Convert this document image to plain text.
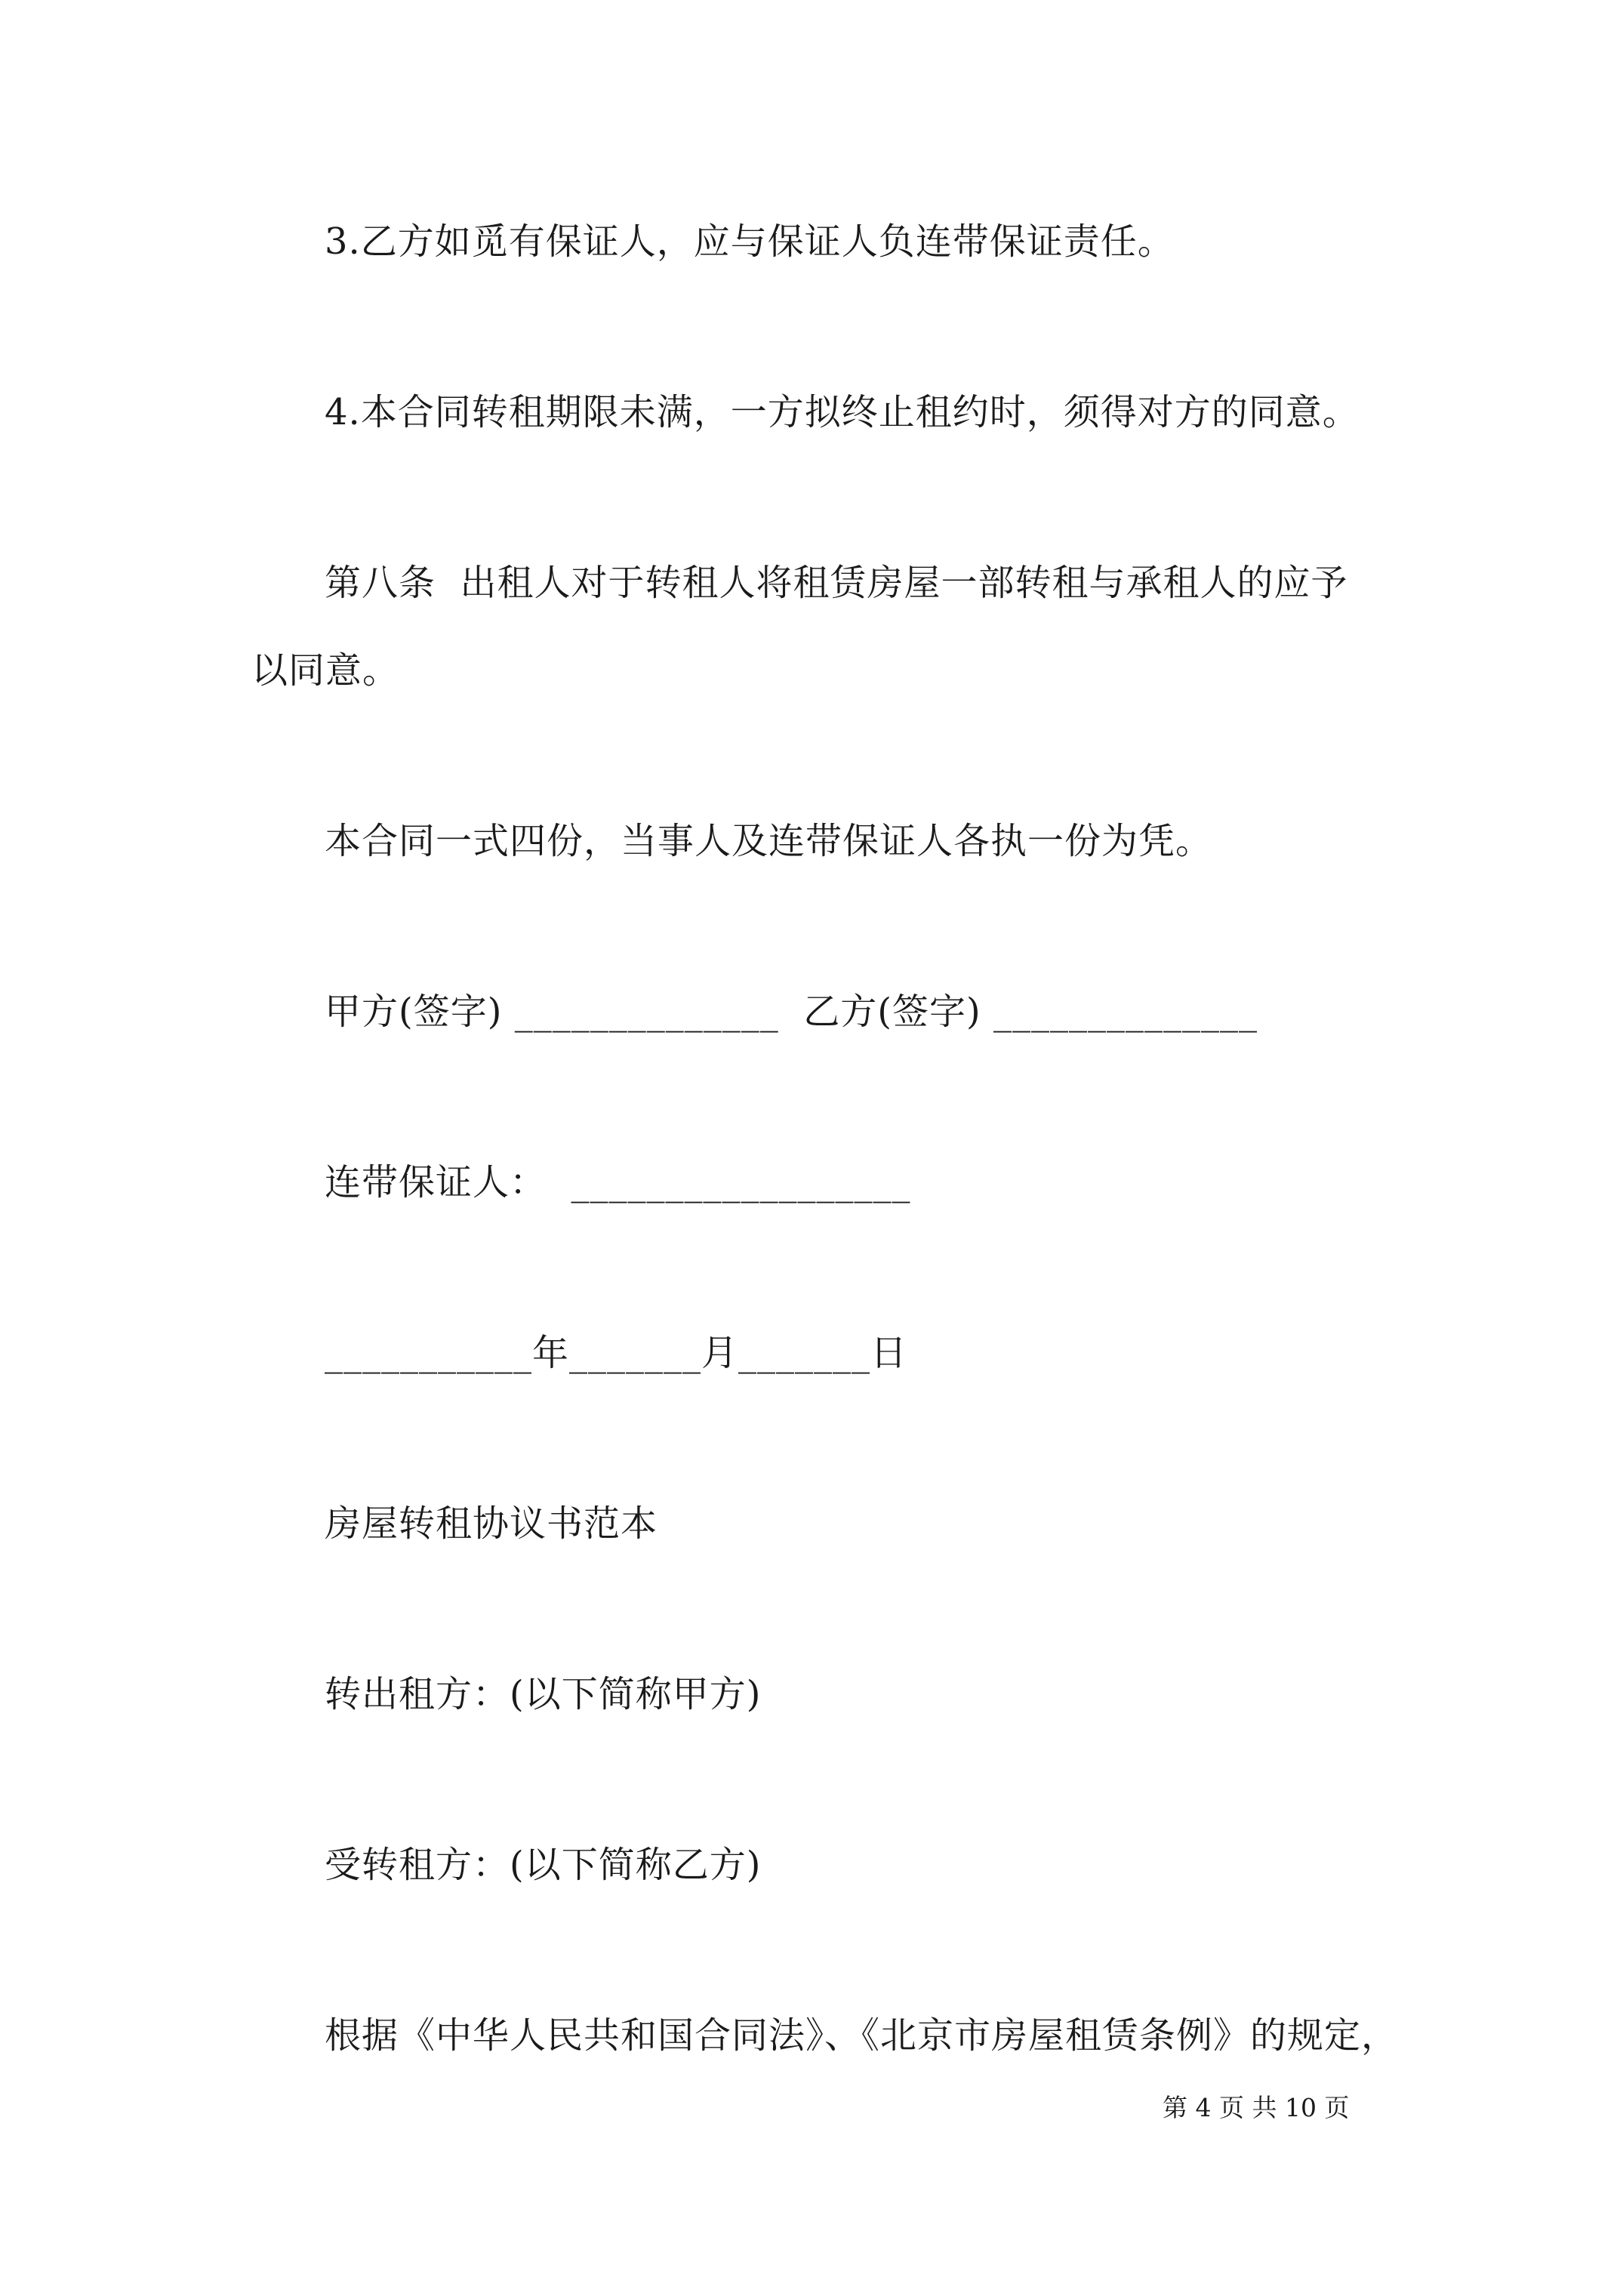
3.乙方如觅有保证人，应与保证人负连带保证责任。
4.本合同转租期限未满，一方拟终止租约时，须得对方的同意。
第八条  出租人对于转租人将租赁房屋一部转租与承租人的应予
以同意。
本合同一式四份，当事人及连带保证人各执一份为凭。
甲方(签字) ______________  乙方(签字) ______________
连带保证人：  __________________
___________年_______月_______日
房屋转租协议书范本
转出租方：(以下简称甲方)
受转租方：(以下简称乙方)
根据《中华人民共和国合同法》、《北京市房屋租赁条例》的规定，
第 4 页 共 10 页
